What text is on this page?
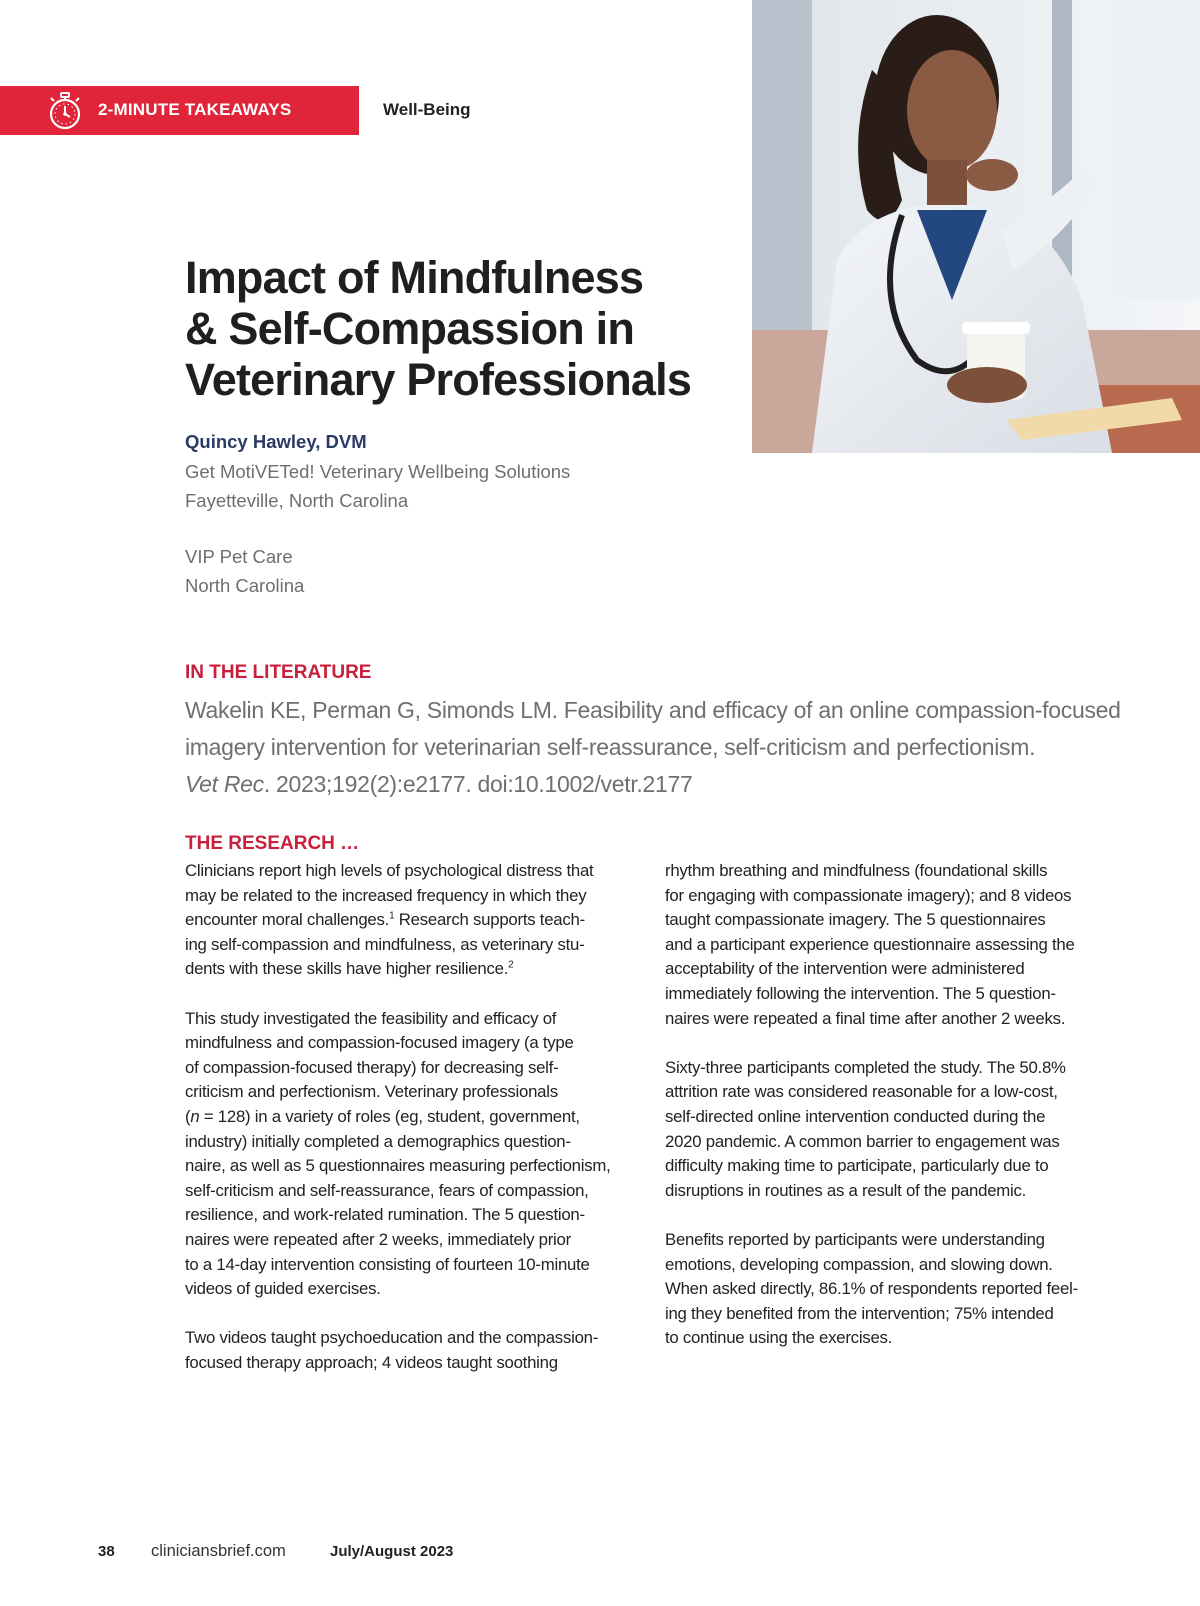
2-MINUTE TAKEAWAYS	Well-Being
Impact of Mindfulness
& Self-Compassion in
Veterinary Professionals
Quincy Hawley, DVM
Get MotiVETed! Veterinary Wellbeing Solutions
Fayetteville, North Carolina
VIP Pet Care
North Carolina
IN THE LITERATURE
Wakelin KE, Perman G, Simonds LM. Feasibility and efficacy of an online compassion-focused
imagery intervention for veterinarian self-reassurance, self-criticism and perfectionism.
Vet Rec. 2023;192(2):e2177. doi:10.1002/vetr.2177
THE RESEARCH …
Clinicians report high levels of psychological distress that
may be related to the increased frequency in which they
encounter moral challenges.$^1$ Research supports teach-
ing self-compassion and mindfulness, as veterinary stu-
dents with these skills have higher resilience.$^2$
This study investigated the feasibility and efficacy of
mindfulness and compassion-focused imagery (a type
of compassion-focused therapy) for decreasing self-
criticism and perfectionism. Veterinary professionals
(n = 128) in a variety of roles (eg, student, government,
industry) initially completed a demographics question-
naire, as well as 5 questionnaires measuring perfectionism,
self-criticism and self-reassurance, fears of compassion,
resilience, and work-related rumination. The 5 question-
naires were repeated after 2 weeks, immediately prior
to a 14-day intervention consisting of fourteen 10-minute
videos of guided exercises.
Two videos taught psychoeducation and the compassion-
focused therapy approach; 4 videos taught soothing
rhythm breathing and mindfulness (foundational skills
for engaging with compassionate imagery); and 8 videos
taught compassionate imagery. The 5 questionnaires
and a participant experience questionnaire assessing the
acceptability of the intervention were administered
immediately following the intervention. The 5 question-
naires were repeated a final time after another 2 weeks.
Sixty-three participants completed the study. The 50.8%
attrition rate was considered reasonable for a low-cost,
self-directed online intervention conducted during the
2020 pandemic. A common barrier to engagement was
difficulty making time to participate, particularly due to
disruptions in routines as a result of the pandemic.
Benefits reported by participants were understanding
emotions, developing compassion, and slowing down.
When asked directly, 86.1% of respondents reported feel-
ing they benefited from the intervention; 75% intended
to continue using the exercises.
38 cliniciansbrief.com	July/August 2023
